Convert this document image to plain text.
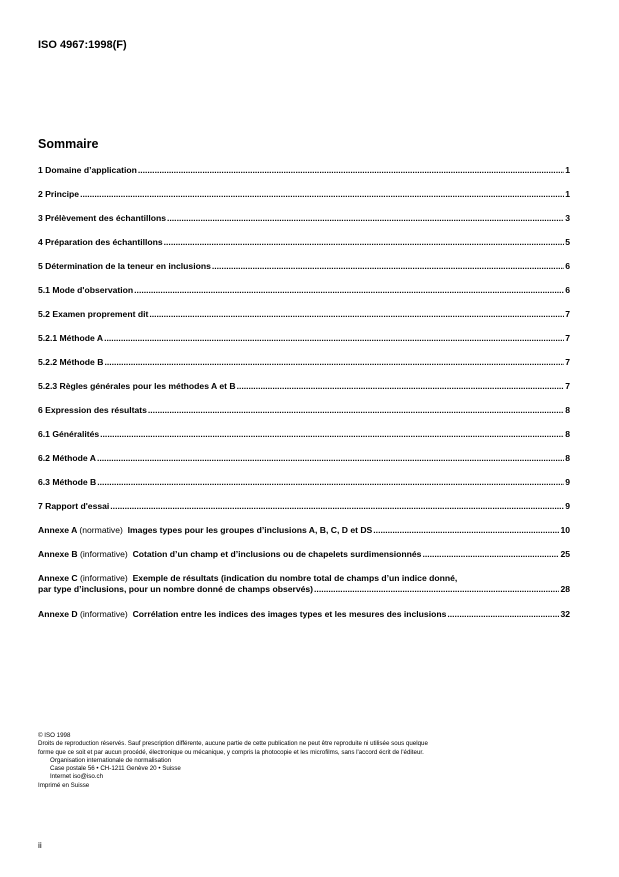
ISO 4967:1998(F)
Sommaire
1 Domaine d’application .....	1
2 Principe .....	1
3 Prélèvement des échantillons .....	3
4 Préparation des échantillons .....	5
5 Détermination de la teneur en inclusions .....	6
5.1 Mode d'observation .....	6
5.2 Examen proprement dit .....	7
5.2.1 Méthode A .....	7
5.2.2 Méthode B .....	7
5.2.3 Règles générales pour les méthodes A et B .....	7
6 Expression des résultats .....	8
6.1 Généralités .....	8
6.2 Méthode A .....	8
6.3 Méthode B .....	9
7 Rapport d'essai .....	9
Annexe A (normative) Images types pour les groupes d’inclusions A, B, C, D et DS .....	10
Annexe B (informative) Cotation d’un champ et d’inclusions ou de chapelets surdimensionnés .....	25
Annexe C (informative) Exemple de résultats (indication du nombre total de champs d’un indice donné,
par type d’inclusions, pour un nombre donné de champs observés) .....	28
Annexe D (informative) Corrélation entre les indices des images types et les mesures des inclusions .....	32
© ISO 1998
Droits de reproduction réservés. Sauf prescription différente, aucune partie de cette publication ne peut être reproduite ni utilisée sous quelque
forme que ce soit et par aucun procédé, électronique ou mécanique, y compris la photocopie et les microfilms, sans l'accord écrit de l'éditeur.
Organisation internationale de normalisation
Case postale 56 • CH-1211 Genève 20 • Suisse
Internet iso@iso.ch
Imprimé en Suisse
ii
